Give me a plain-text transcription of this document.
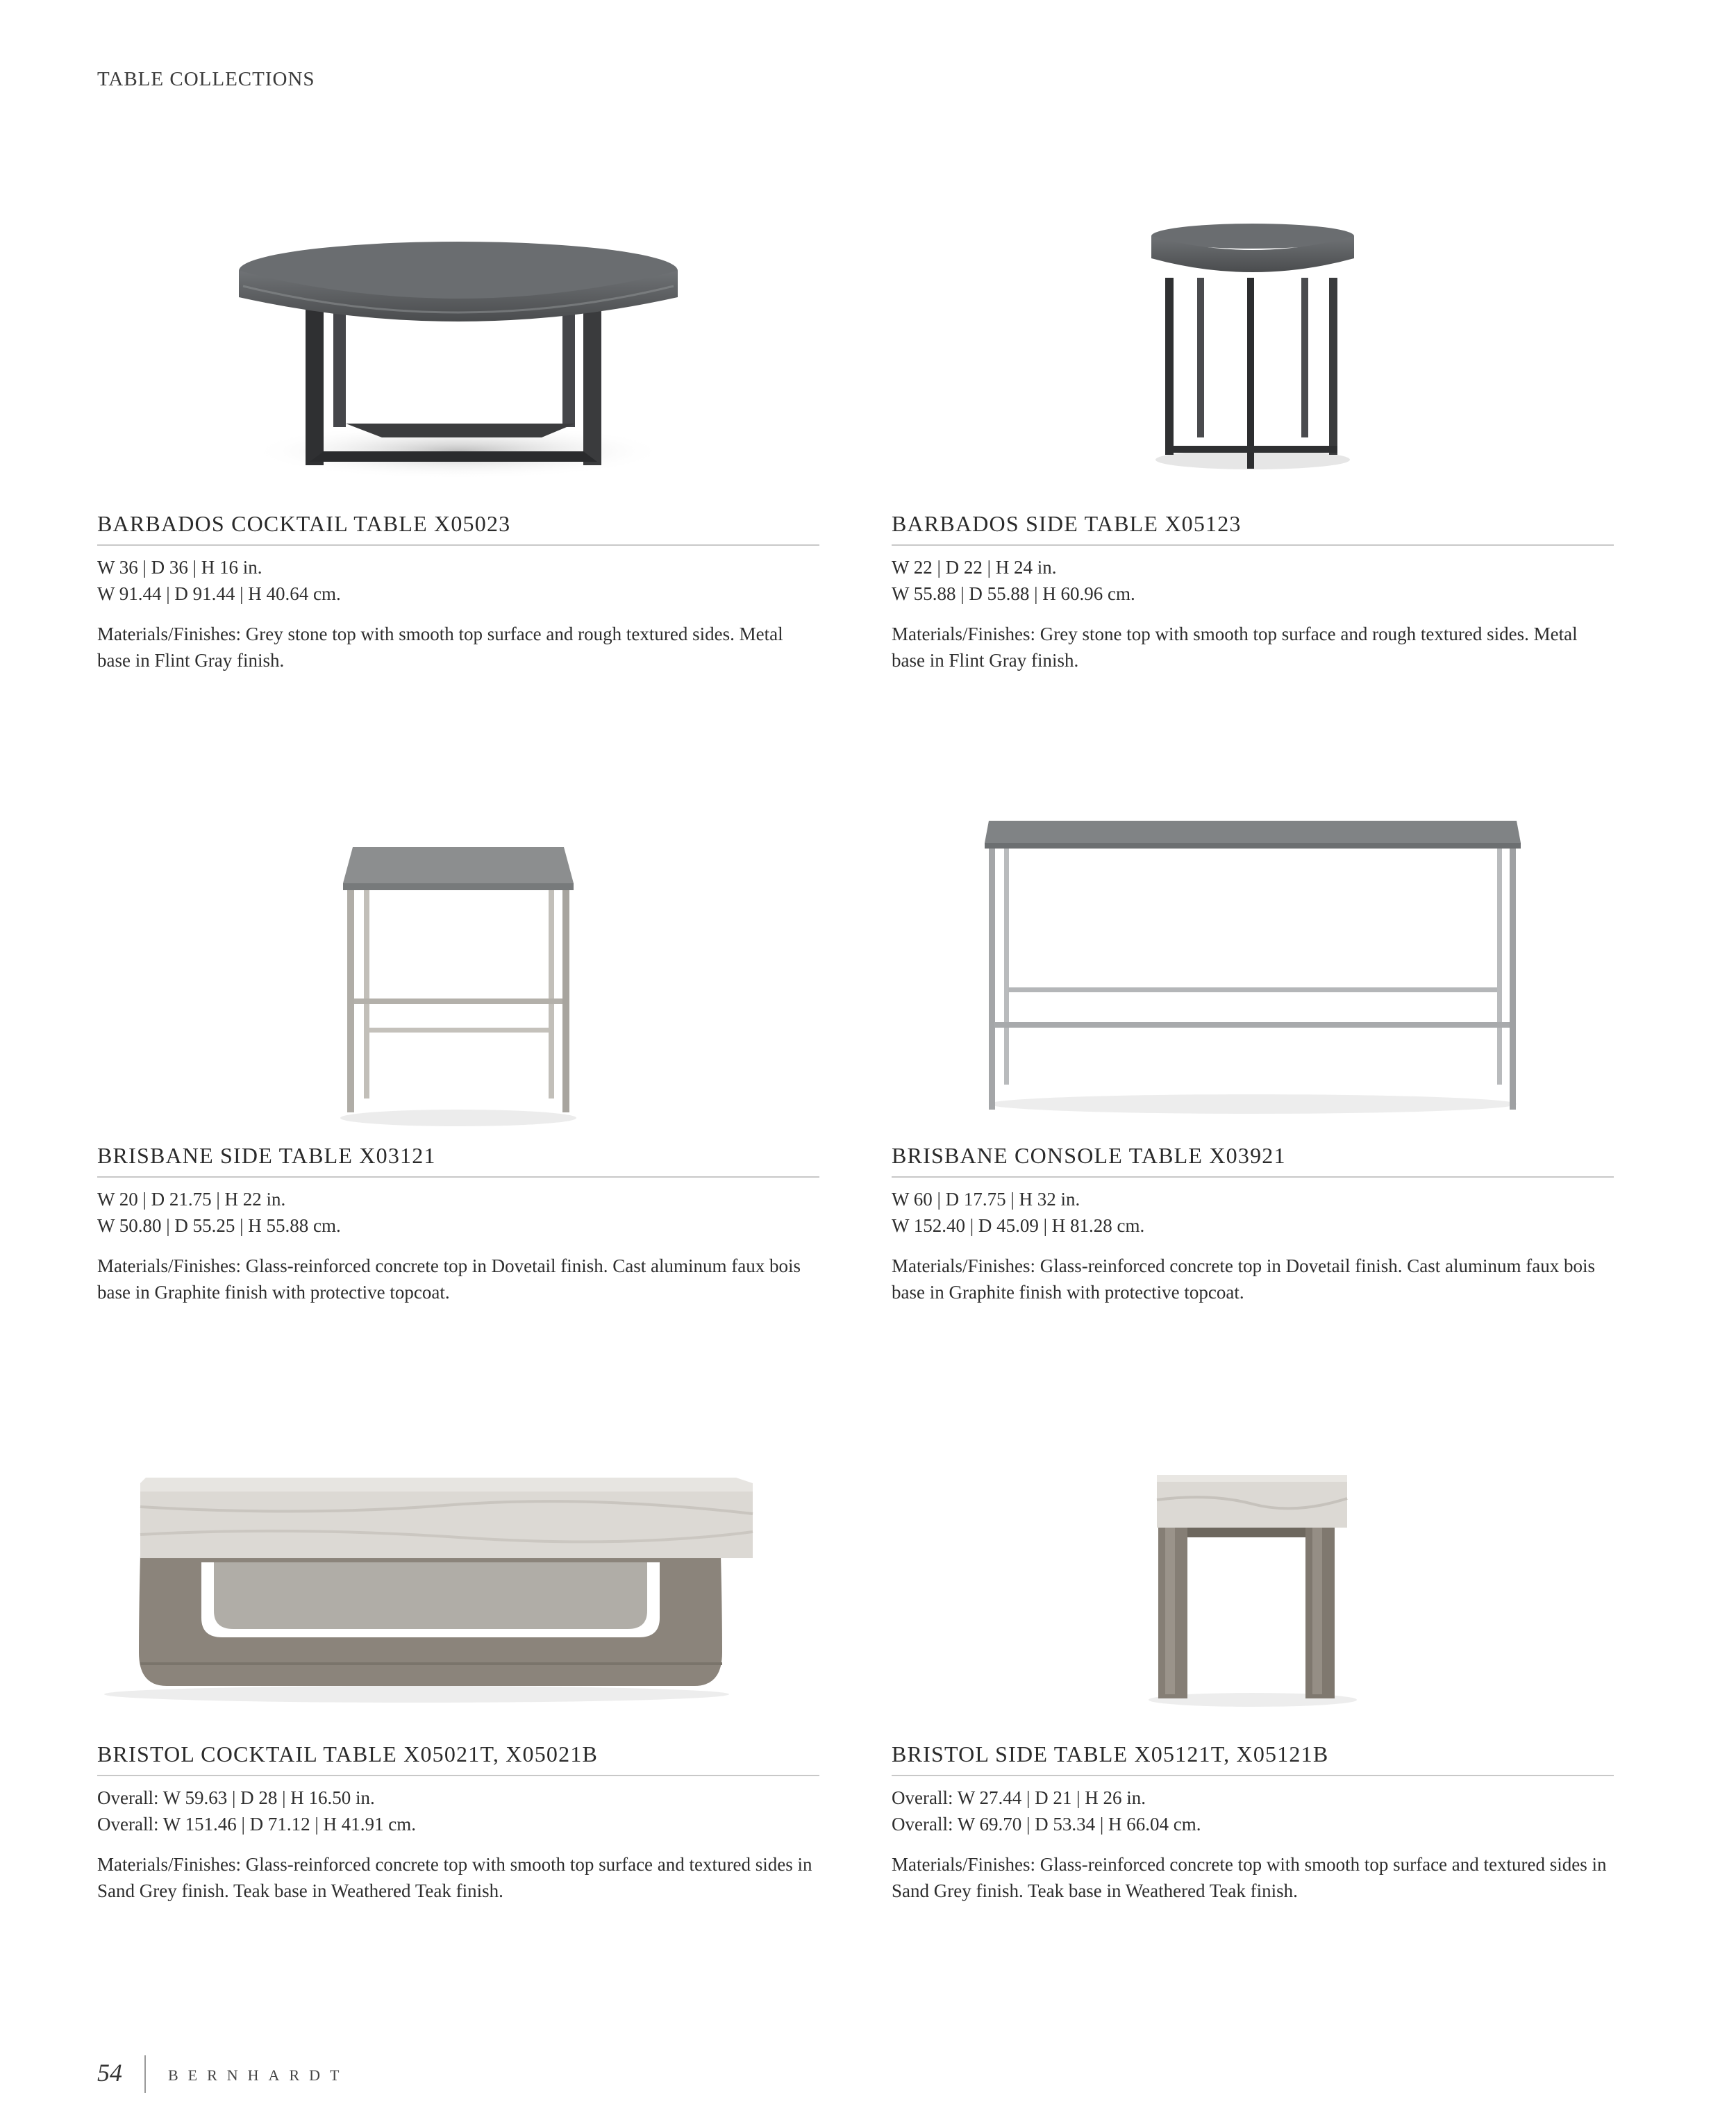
TABLE COLLECTIONS
BARBADOS COCKTAIL TABLE X05023
W 36 | D 36 | H 16 in.
W 91.44 | D 91.44 | H 40.64 cm.
Materials/Finishes: Grey stone top with smooth top surface and rough textured sides. Metal base in Flint Gray finish.
BARBADOS SIDE TABLE X05123
W 22 | D 22 | H 24 in.
W 55.88 | D 55.88 | H 60.96 cm.
Materials/Finishes: Grey stone top with smooth top surface and rough textured sides. Metal base in Flint Gray finish.
BRISBANE SIDE TABLE X03121
W 20 | D 21.75 | H 22 in.
W 50.80 | D 55.25 | H 55.88 cm.
Materials/Finishes: Glass-reinforced concrete top in Dovetail finish. Cast aluminum faux bois base in Graphite finish with protective topcoat.
BRISBANE CONSOLE TABLE X03921
W 60 | D 17.75 | H 32 in.
W 152.40 | D 45.09 | H 81.28 cm.
Materials/Finishes: Glass-reinforced concrete top in Dovetail finish. Cast aluminum faux bois base in Graphite finish with protective topcoat.
BRISTOL COCKTAIL TABLE X05021T, X05021B
Overall: W 59.63 | D 28 | H 16.50 in.
Overall: W 151.46 | D 71.12 | H 41.91 cm.
Materials/Finishes: Glass-reinforced concrete top with smooth top surface and textured sides in Sand Grey finish. Teak base in Weathered Teak finish.
BRISTOL SIDE TABLE X05121T, X05121B
Overall: W 27.44 | D 21 | H 26 in.
Overall: W 69.70 | D 53.34 | H 66.04 cm.
Materials/Finishes: Glass-reinforced concrete top with smooth top surface and textured sides in Sand Grey finish. Teak base in Weathered Teak finish.
54	BERNHARDT
